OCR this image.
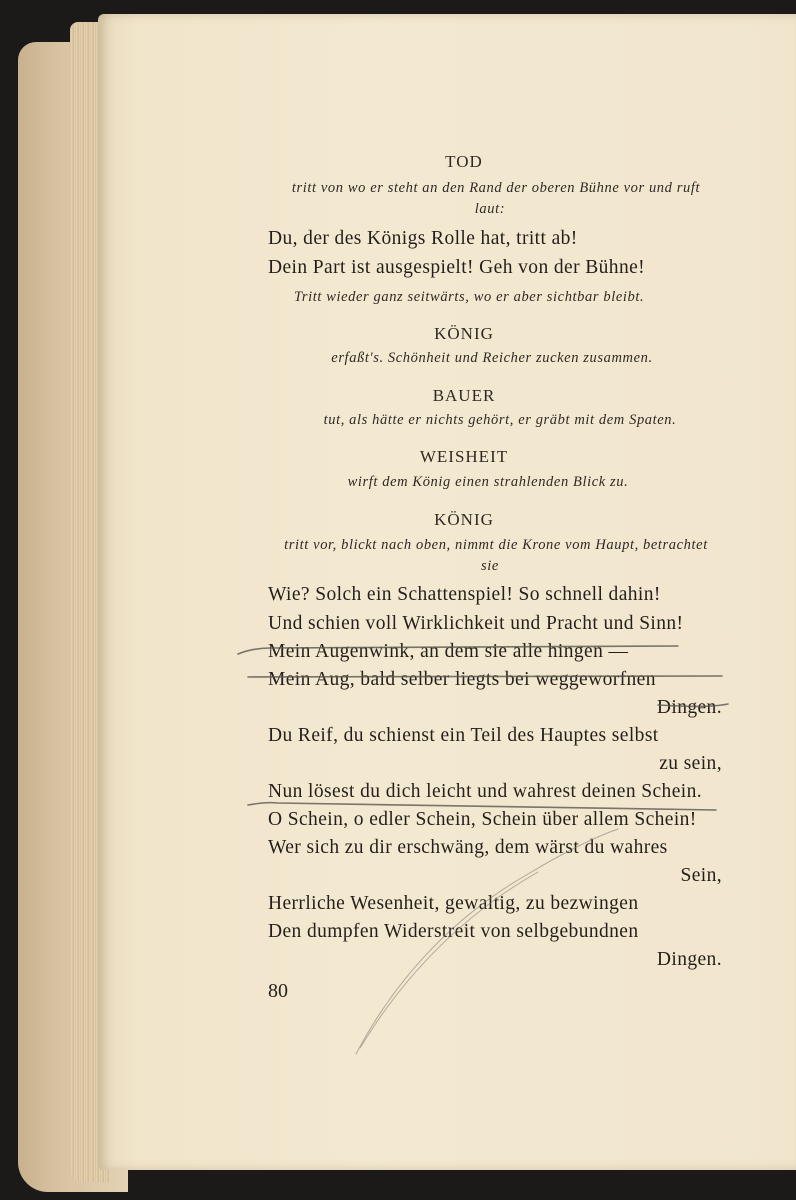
TOD
tritt von wo er steht an den Rand der oberen Bühne vor und ruft
laut:
Du, der des Königs Rolle hat, tritt ab!
Dein Part ist ausgespielt! Geh von der Bühne!
Tritt wieder ganz seitwärts, wo er aber sichtbar bleibt.
KÖNIG
erfaßt's. Schönheit und Reicher zucken zusammen.
BAUER
tut, als hätte er nichts gehört, er gräbt mit dem Spaten.
WEISHEIT
wirft dem König einen strahlenden Blick zu.
KÖNIG
tritt vor, blickt nach oben, nimmt die Krone vom Haupt, betrachtet
sie
Wie? Solch ein Schattenspiel! So schnell dahin!
Und schien voll Wirklichkeit und Pracht und Sinn!
Mein Augenwink, an dem sie alle hingen —
Mein Aug, bald selber liegts bei weggeworfnen
Dingen.
Du Reif, du schienst ein Teil des Hauptes selbst
zu sein,
Nun lösest du dich leicht und wahrest deinen Schein.
O Schein, o edler Schein, Schein über allem Schein!
Wer sich zu dir erschwäng, dem wärst du wahres
Sein,
Herrliche Wesenheit, gewaltig, zu bezwingen
Den dumpfen Widerstreit von selbgebundnen
Dingen.
80
